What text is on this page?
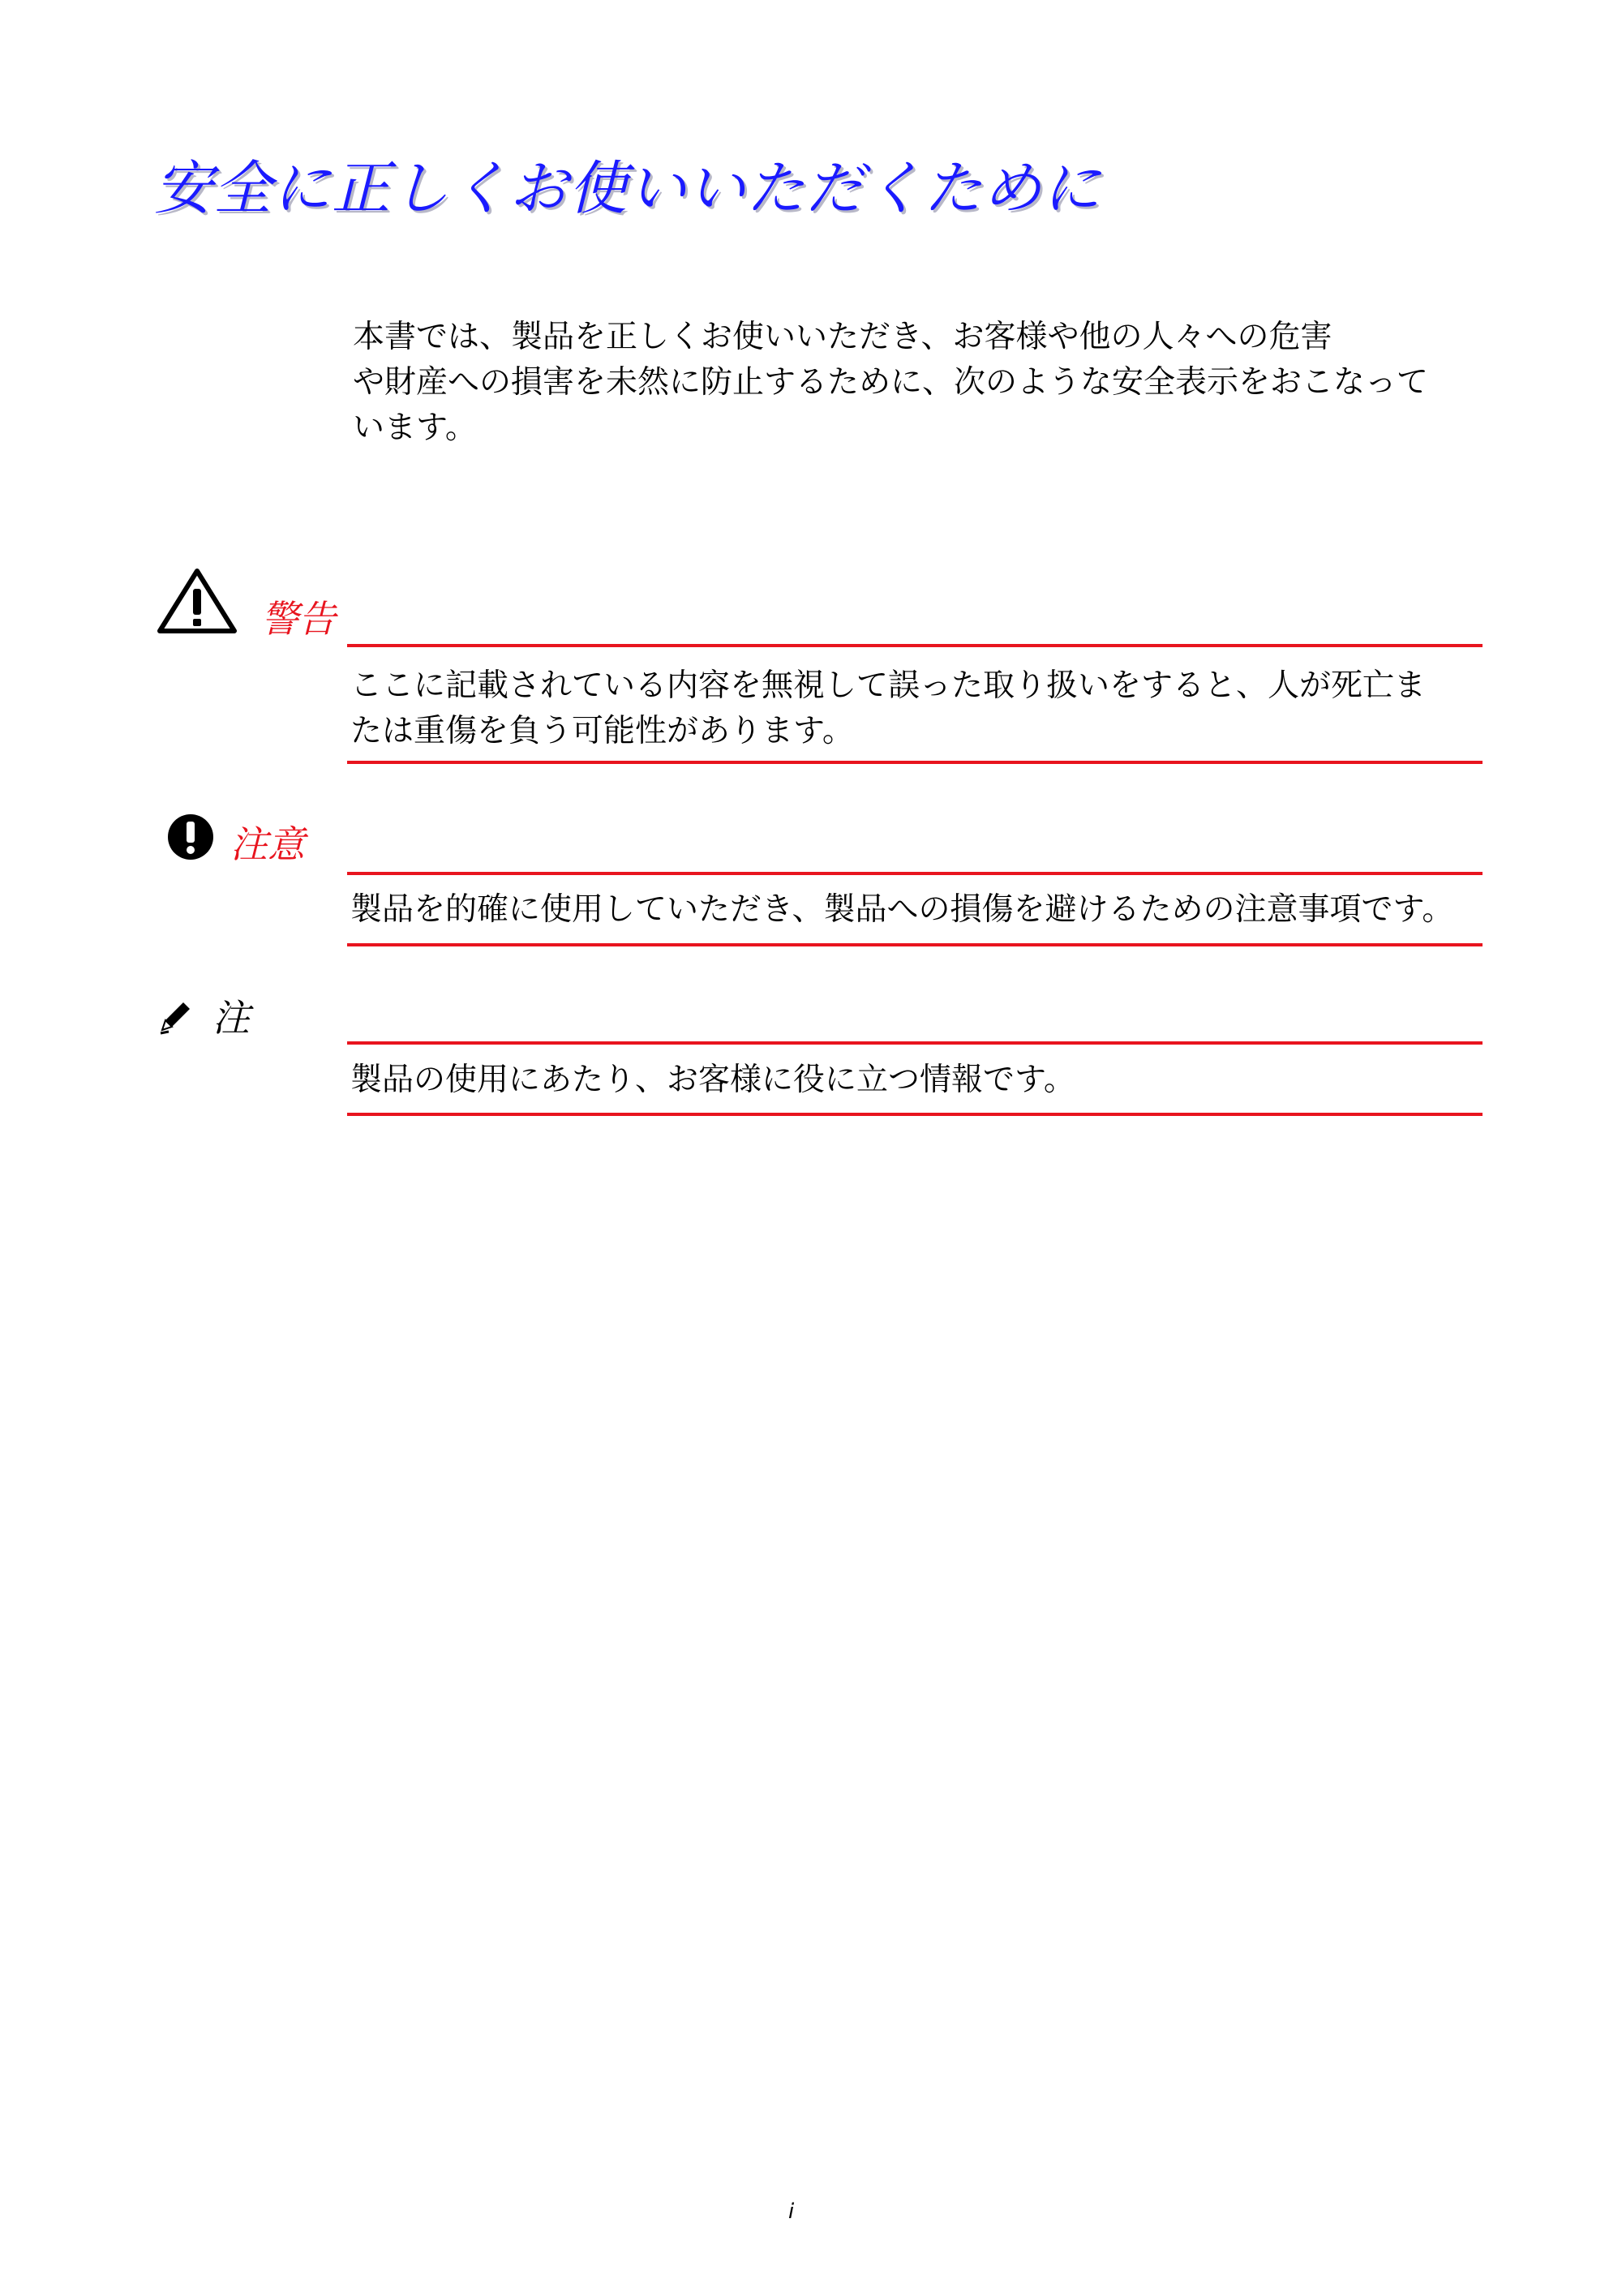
安全に正しくお使いいただくために
本書では、製品を正しくお使いいただき、お客様や他の人々への危害
や財産への損害を未然に防止するために、次のような安全表示をおこなって
います。
警告
ここに記載されている内容を無視して誤った取り扱いをすると、人が死亡ま
たは重傷を負う可能性があります。
注意
製品を的確に使用していただき、製品への損傷を避けるための注意事項です。
注
製品の使用にあたり、お客様に役に立つ情報です。
i
